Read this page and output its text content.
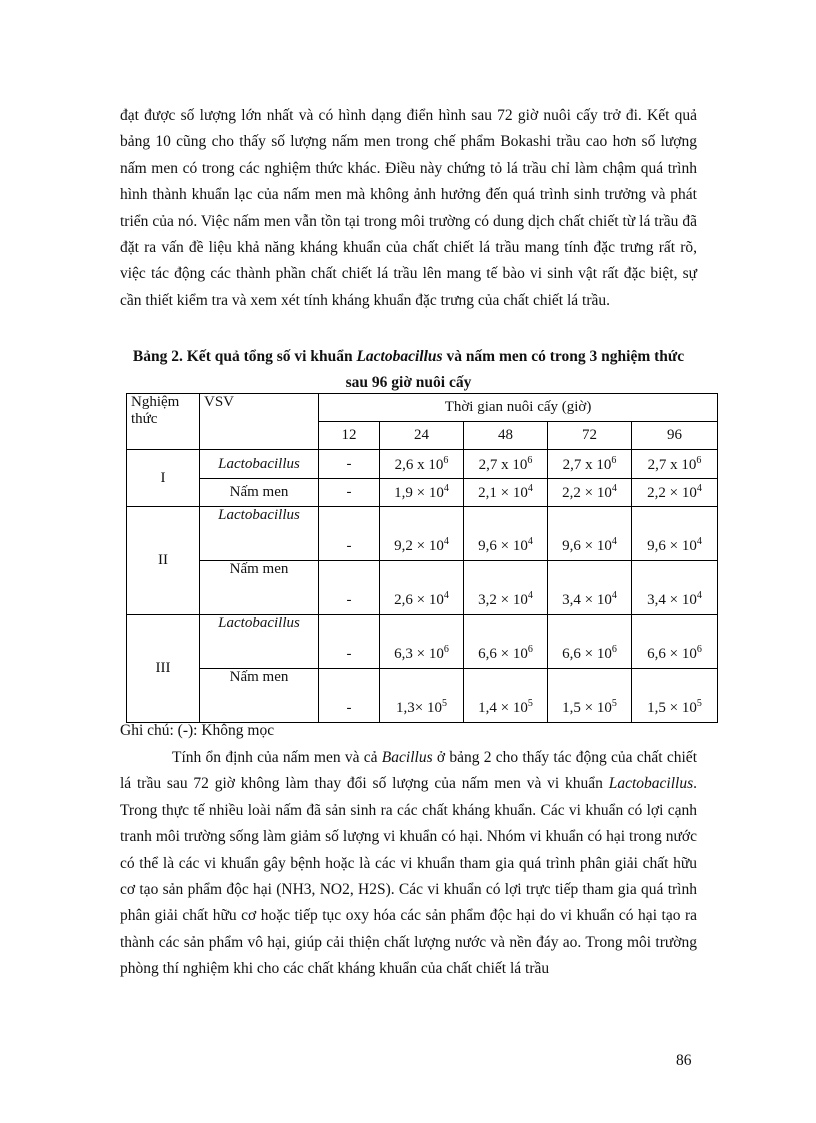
đạt được số lượng lớn nhất và có hình dạng điển hình sau 72 giờ nuôi cấy trở đi. Kết quả bảng 10 cũng cho thấy số lượng nấm men trong chế phẩm Bokashi trầu cao hơn số lượng nấm men có trong các nghiệm thức khác. Điều này chứng tỏ lá trầu chỉ làm chậm quá trình hình thành khuẩn lạc của nấm men mà không ảnh hưởng đến quá trình sinh trưởng và phát triển của nó. Việc nấm men vẫn tồn tại trong môi trường có dung dịch chất chiết từ lá trầu đã đặt ra vấn đề liệu khả năng kháng khuẩn của chất chiết lá trầu mang tính đặc trưng rất rõ, việc tác động các thành phần chất chiết lá trầu lên mang tế bào vi sinh vật rất đặc biệt, sự cần thiết kiểm tra và xem xét tính kháng khuẩn đặc trưng của chất chiết lá trầu.

Bảng 2. Kết quả tổng số vi khuẩn Lactobacillus và nấm men có trong 3 nghiệm thức sau 96 giờ nuôi cấy
Nghiệm thức	VSV	Thời gian nuôi cấy (giờ)				
		12	24	48	72	96
I	Lactobacillus	-	2,6 x $10^6$	2,7 x $10^6$	2,7 x $10^6$	2,7 x $10^6$
	Nấm men	-	$1,9 \times 10^4$	$2,1 \times 10^4$	$2,2 \times 10^4$	$2,2 \times 10^4$
II	Lactobacillus	-	$9,2 \times 10^4$	$9,6 \times 10^4$	$9,6 \times 10^4$	$9,6 \times 10^4$
	Nấm men	-	$2,6 \times 10^4$	$3,2 \times 10^4$	$3,4 \times 10^4$	$3,4 \times 10^4$
III	Lactobacillus	-	$6,3 \times 10^6$	$6,6 \times 10^6$	$6,6 \times 10^6$	$6,6 \times 10^6$
	Nấm men	-	$1,3\times 10^5$	$1,4 \times 10^5$	$1,5 \times 10^5$	$1,5 \times 10^5$
Ghi chú: (-): Không mọc

Tính ổn định của nấm men và cả Bacillus ở bảng 2 cho thấy tác động của chất chiết lá trầu sau 72 giờ không làm thay đổi số lượng của nấm men và vi khuẩn Lactobacillus. Trong thực tế nhiều loài nấm đã sản sinh ra các chất kháng khuẩn. Các vi khuẩn có lợi cạnh tranh môi trường sống làm giảm số lượng vi khuẩn có hại. Nhóm vi khuẩn có hại trong nước có thể là các vi khuẩn gây bệnh hoặc là các vi khuẩn tham gia quá trình phân giải chất hữu cơ tạo sản phẩm độc hại (NH3, NO2, H2S). Các vi khuẩn có lợi trực tiếp tham gia quá trình phân giải chất hữu cơ hoặc tiếp tục oxy hóa các sản phẩm độc hại do vi khuẩn có hại tạo ra thành các sản phẩm vô hại, giúp cải thiện chất lượng nước và nền đáy ao. Trong môi trường phòng thí nghiệm khi cho các chất kháng khuẩn của chất chiết lá trầu

86
